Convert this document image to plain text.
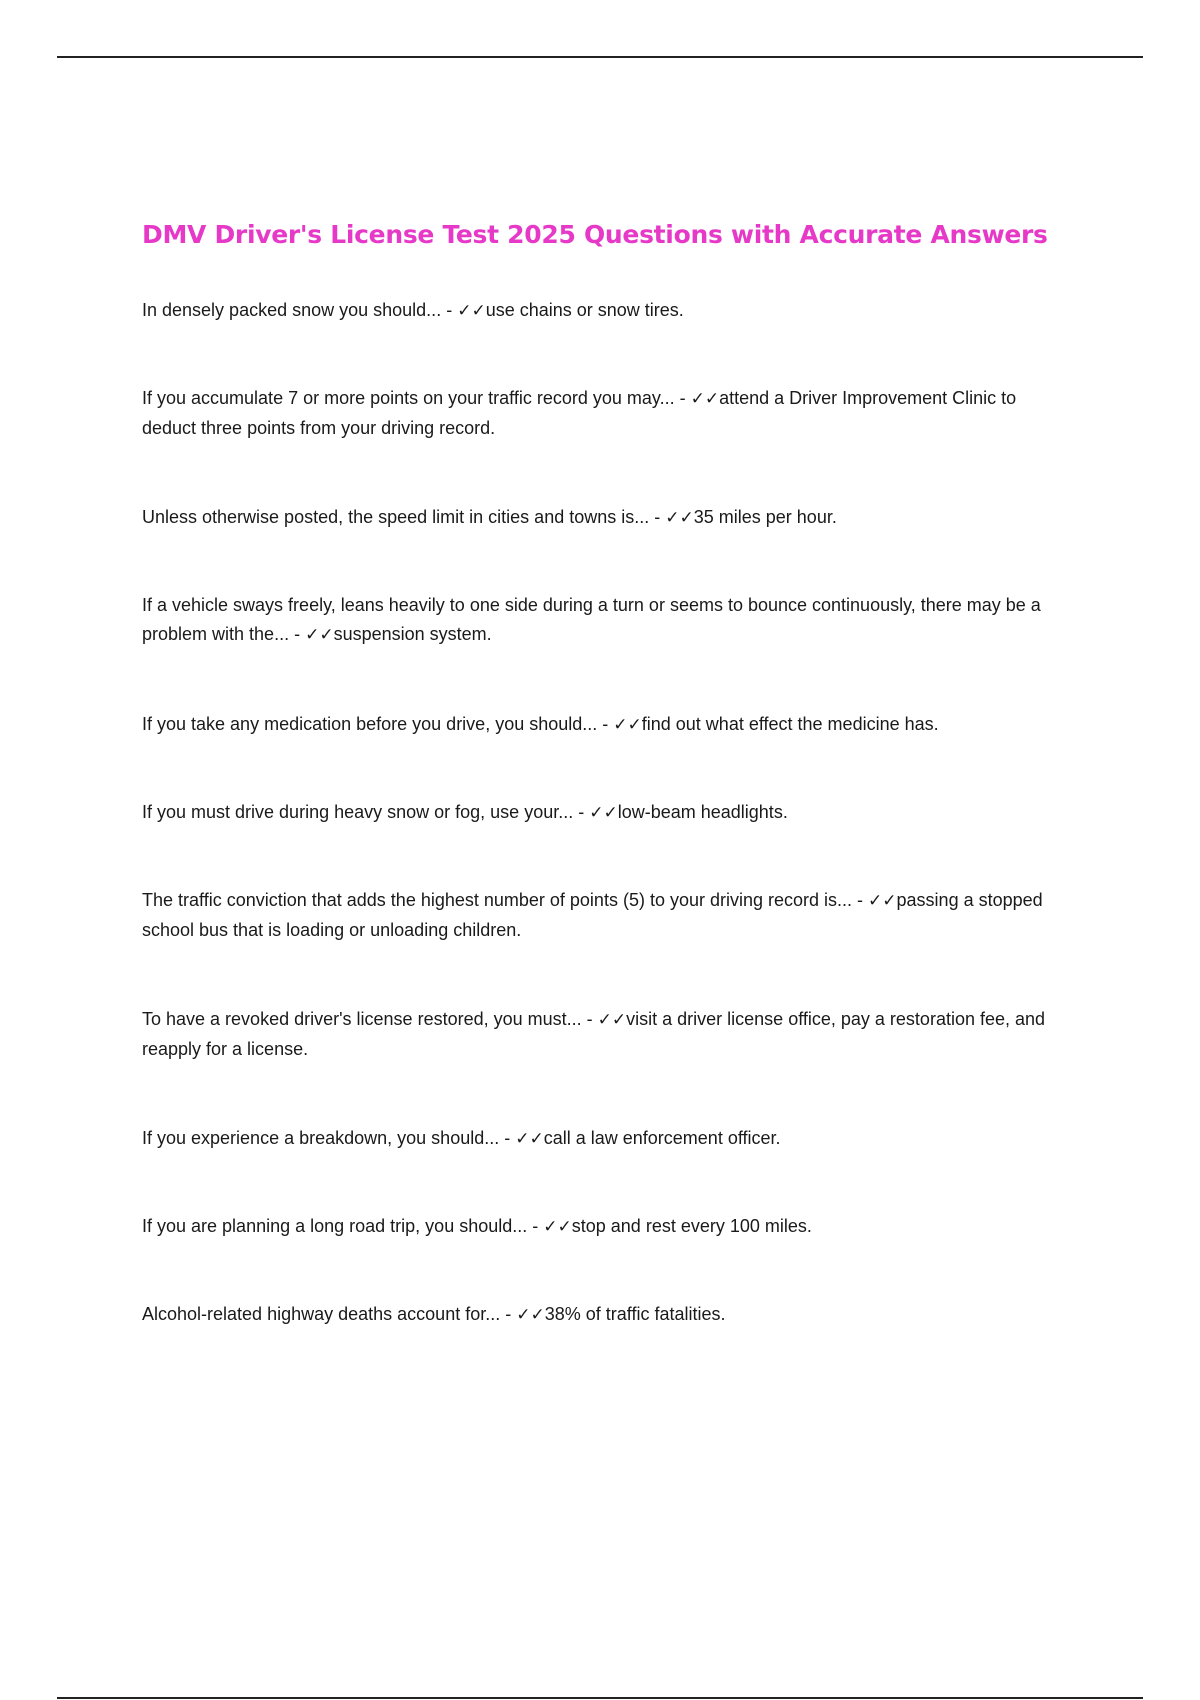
DMV Driver's License Test 2025 Questions with Accurate Answers
In densely packed snow you should... - ✓✓use chains or snow tires.
If you accumulate 7 or more points on your traffic record you may... - ✓✓attend a Driver Improvement Clinic to deduct three points from your driving record.
Unless otherwise posted, the speed limit in cities and towns is... - ✓✓35 miles per hour.
If a vehicle sways freely, leans heavily to one side during a turn or seems to bounce continuously, there may be a problem with the... - ✓✓suspension system.
If you take any medication before you drive, you should... - ✓✓find out what effect the medicine has.
If you must drive during heavy snow or fog, use your... - ✓✓low-beam headlights.
The traffic conviction that adds the highest number of points (5) to your driving record is... - ✓✓passing a stopped school bus that is loading or unloading children.
To have a revoked driver's license restored, you must... - ✓✓visit a driver license office, pay a restoration fee, and reapply for a license.
If you experience a breakdown, you should... - ✓✓call a law enforcement officer.
If you are planning a long road trip, you should... - ✓✓stop and rest every 100 miles.
Alcohol-related highway deaths account for... - ✓✓38% of traffic fatalities.
